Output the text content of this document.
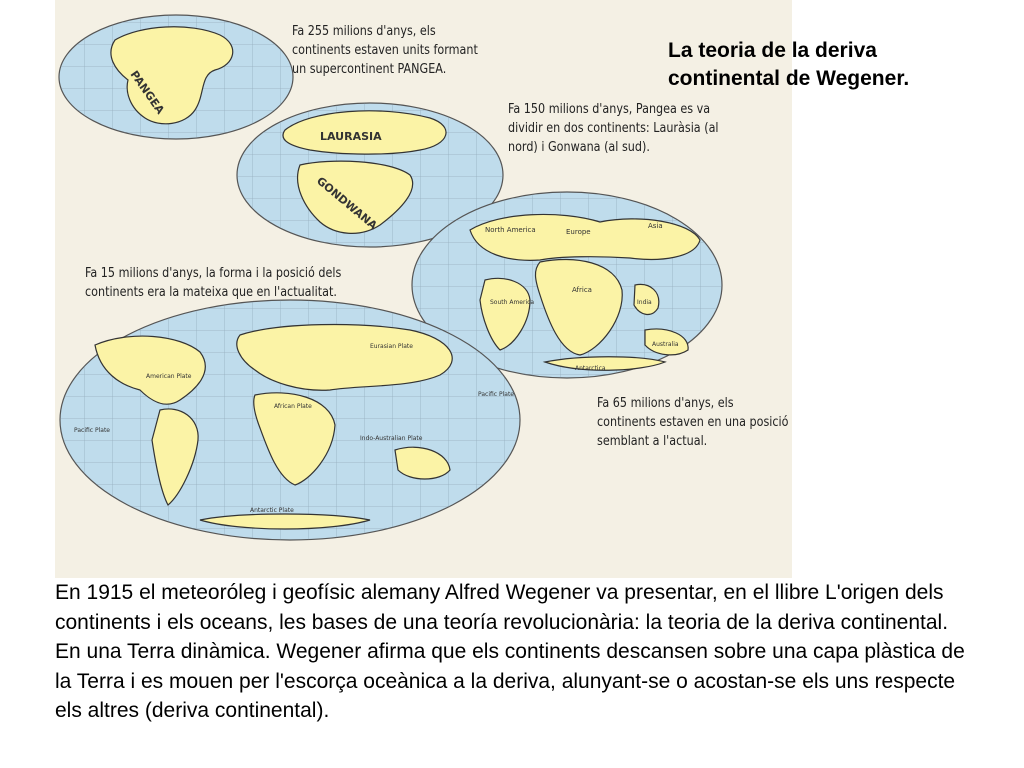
PANGEA
LAURASIA
GONDWANA	North America	Europe
Asia
Africa
South America	India
Australia
Antarctica
Eurasian Plate
American Plate
African Plate
Pacific Plate
Pacific Plate
Indo-Australian Plate
Antarctic Plate
Fa 255 milions d'anys, els
continents estaven units formant
un supercontinent PANGEA.
Fa 150 milions d'anys, Pangea es va
dividir en dos continents: Lauràsia (al
nord) i Gonwana (al sud).
Fa 15 milions d'anys, la forma i la posició dels
continents era la mateixa que en l'actualitat.
Fa 65 milions d'anys, els
continents estaven en una posició
semblant a l'actual.
La teoria de la deriva
continental de Wegener.

En 1915 el meteoróleg i geofísic alemany Alfred Wegener va presentar, en el llibre L'origen dels continents i els oceans, les bases de una teoría revolucionària: la teoria de la deriva continental.

En una Terra dinàmica. Wegener afirma que els continents descansen sobre una capa plàstica de la Terra i es mouen per l'escorça oceànica a la deriva, alunyant-se o acostan-se els uns respecte els altres (deriva continental).
